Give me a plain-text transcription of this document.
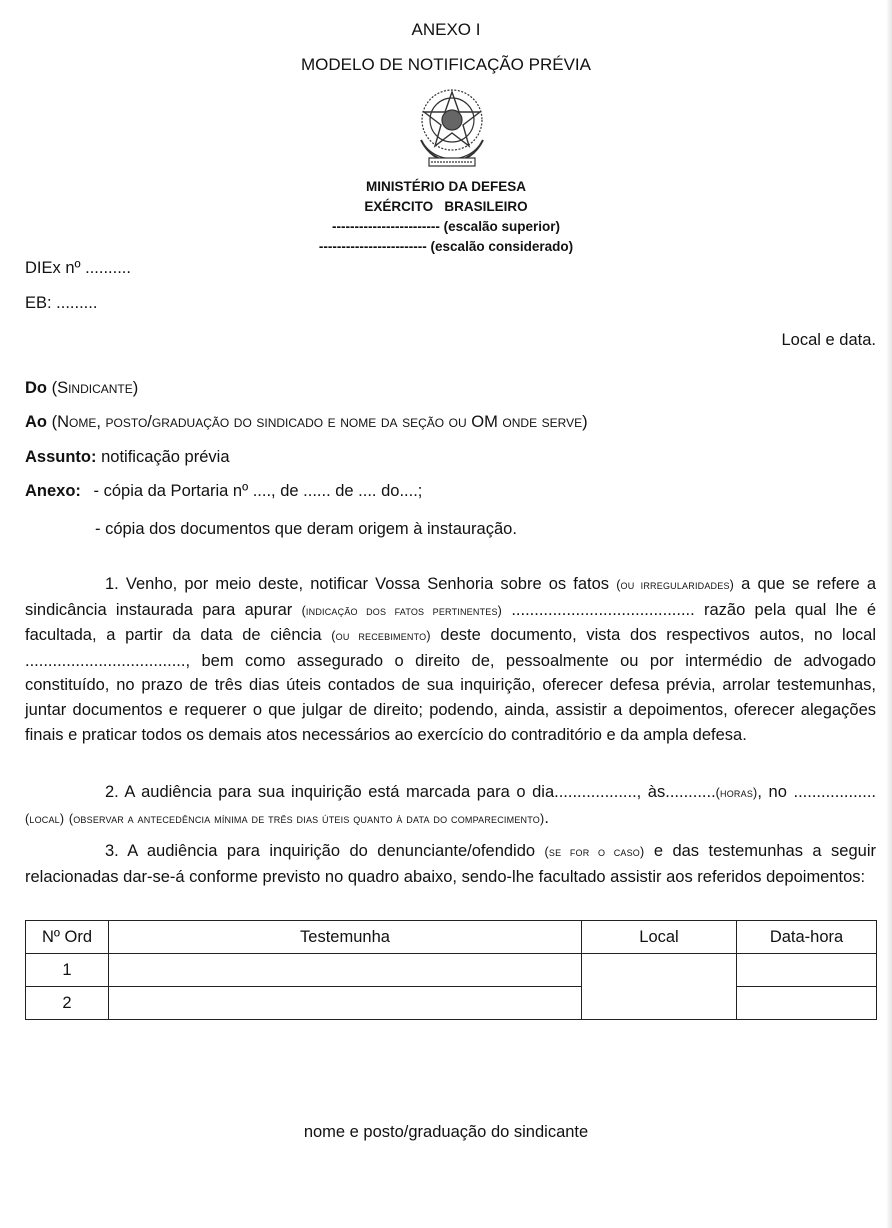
ANEXO I
MODELO DE NOTIFICAÇÃO PRÉVIA
MINISTÉRIO DA DEFESA
EXÉRCITO   BRASILEIRO
------------------------ (escalão superior)
------------------------ (escalão considerado)
DIEx nº ..........
EB: .........
Local e data.
Do (Sindicante)
Ao (Nome, posto/graduação do sindicado e nome da seção ou OM onde serve)
Assunto: notificação prévia
Anexo: - cópia da Portaria nº ...., de ...... de .... do....;
- cópia dos documentos que deram origem à instauração.
1. Venho, por meio deste, notificar Vossa Senhoria sobre os fatos (ou irregularidades) a que se refere a sindicância instaurada para apurar (indicação dos fatos pertinentes) ........................................ razão pela qual lhe é facultada, a partir da data de ciência (ou recebimento) deste documento, vista dos respectivos autos, no local ..................................., bem como assegurado o direito de, pessoalmente ou por intermédio de advogado constituído, no prazo de três dias úteis contados de sua inquirição, oferecer defesa prévia, arrolar testemunhas, juntar documentos e requerer o que julgar de direito; podendo, ainda, assistir a depoimentos, oferecer alegações finais e praticar todos os demais atos necessários ao exercício do contraditório e da ampla defesa.
2. A audiência para sua inquirição está marcada para o dia.................., às...........(horas), no .................. (local) (observar a antecedência mínima de três dias úteis quanto à data do comparecimento).
3. A audiência para inquirição do denunciante/ofendido (se for o caso) e das testemunhas a seguir relacionadas dar-se-á conforme previsto no quadro abaixo, sendo-lhe facultado assistir aos referidos depoimentos:
Nº Ord	Testemunha	Local	Data-hora
1			
2			
nome e posto/graduação do sindicante
